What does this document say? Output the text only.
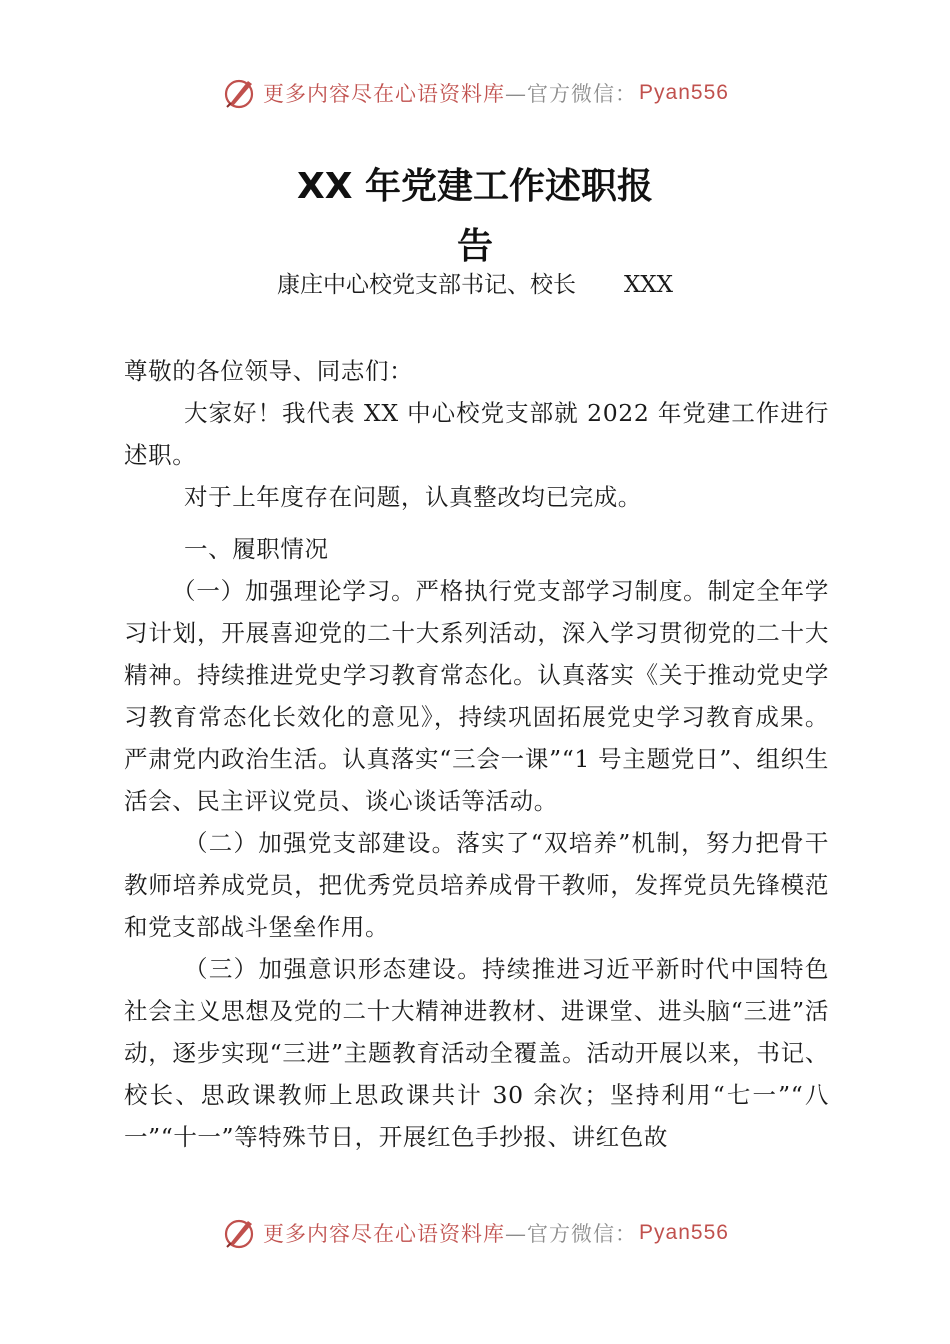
更多内容尽在心语资料库 —官方微信： Pyan556
XX 年党建工作述职报
告
康庄中心校党支部书记、校长 XXX

尊敬的各位领导、同志们：

大家好！我代表 XX 中心校党支部就 2022 年党建工作进行述职。

对于上年度存在问题，认真整改均已完成。

一、履职情况

（一）加强理论学习。严格执行党支部学习制度。制定全年学习计划，开展喜迎党的二十大系列活动，深入学习贯彻党的二十大精神。持续推进党史学习教育常态化。认真落实《关于推动党史学习教育常态化长效化的意见》，持续巩固拓展党史学习教育成果。严肃党内政治生活。认真落实“三会一课”“1 号主题党日”、组织生活会、民主评议党员、谈心谈话等活动。

（二）加强党支部建设。落实了“双培养”机制，努力把骨干教师培养成党员，把优秀党员培养成骨干教师，发挥党员先锋模范和党支部战斗堡垒作用。

（三）加强意识形态建设。持续推进习近平新时代中国特色社会主义思想及党的二十大精神进教材、进课堂、进头脑“三进”活动，逐步实现“三进”主题教育活动全覆盖。活动开展以来，书记、校长、思政课教师上思政课共计 30 余次；坚持利用“七一”“八一”“十一”等特殊节日，开展红色手抄报、讲红色故

更多内容尽在心语资料库 —官方微信： Pyan556
